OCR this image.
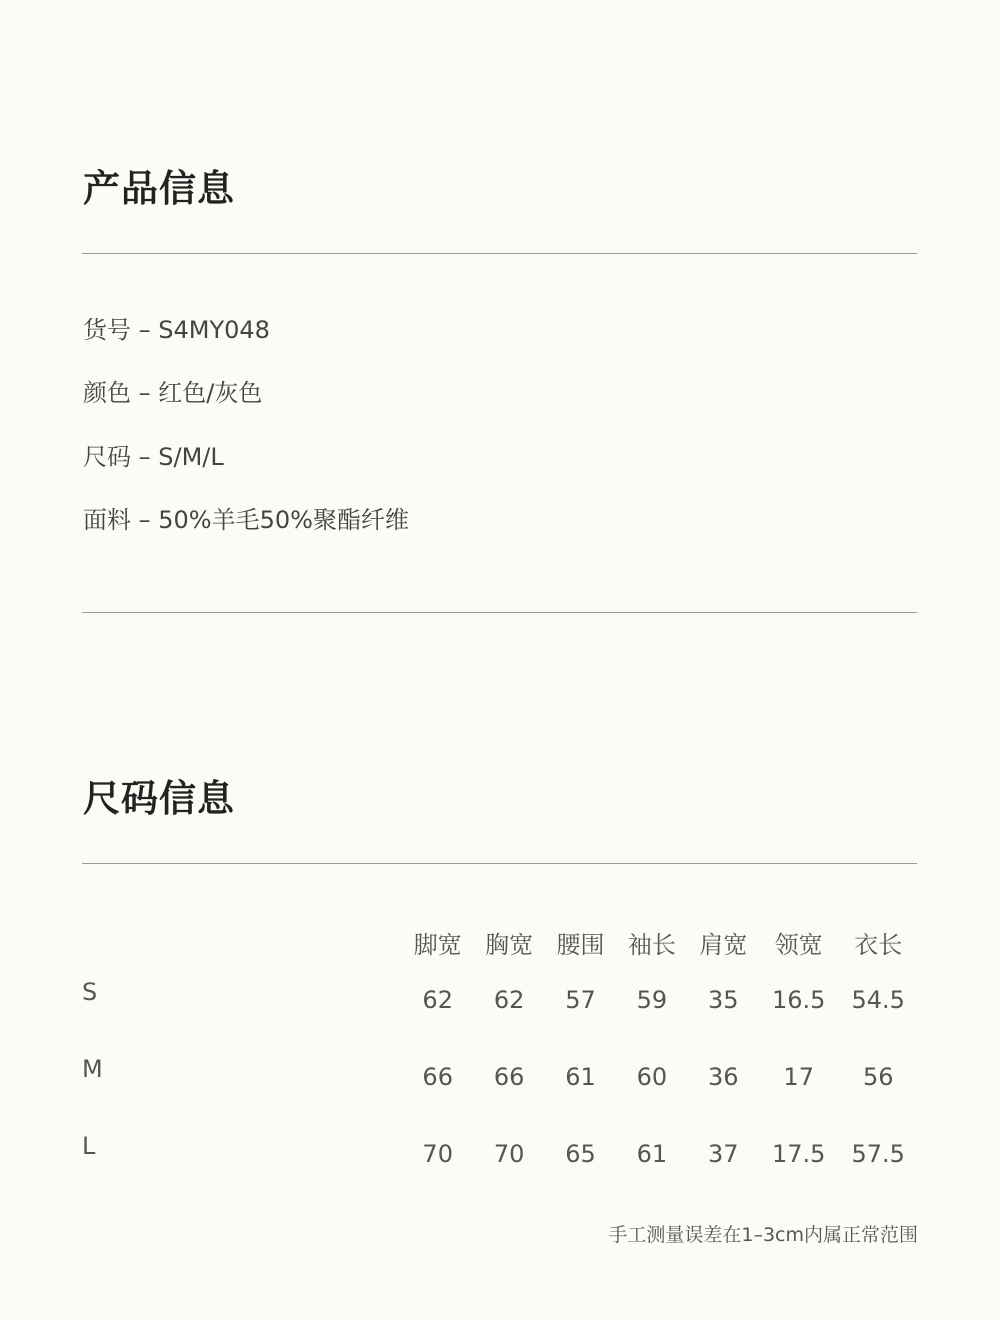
产品信息
货号 – S4MY048
颜色 – 红色/灰色
尺码 – S/M/L
面料 – 50%羊毛50%聚酯纤维
尺码信息
	脚宽	胸宽	腰围	袖长	肩宽	领宽	衣长
S	62	62	57	59	35	16.5	54.5
M	66	66	61	60	36	17	56
L	70	70	65	61	37	17.5	57.5
手工测量误差在1–3cm内属正常范围
